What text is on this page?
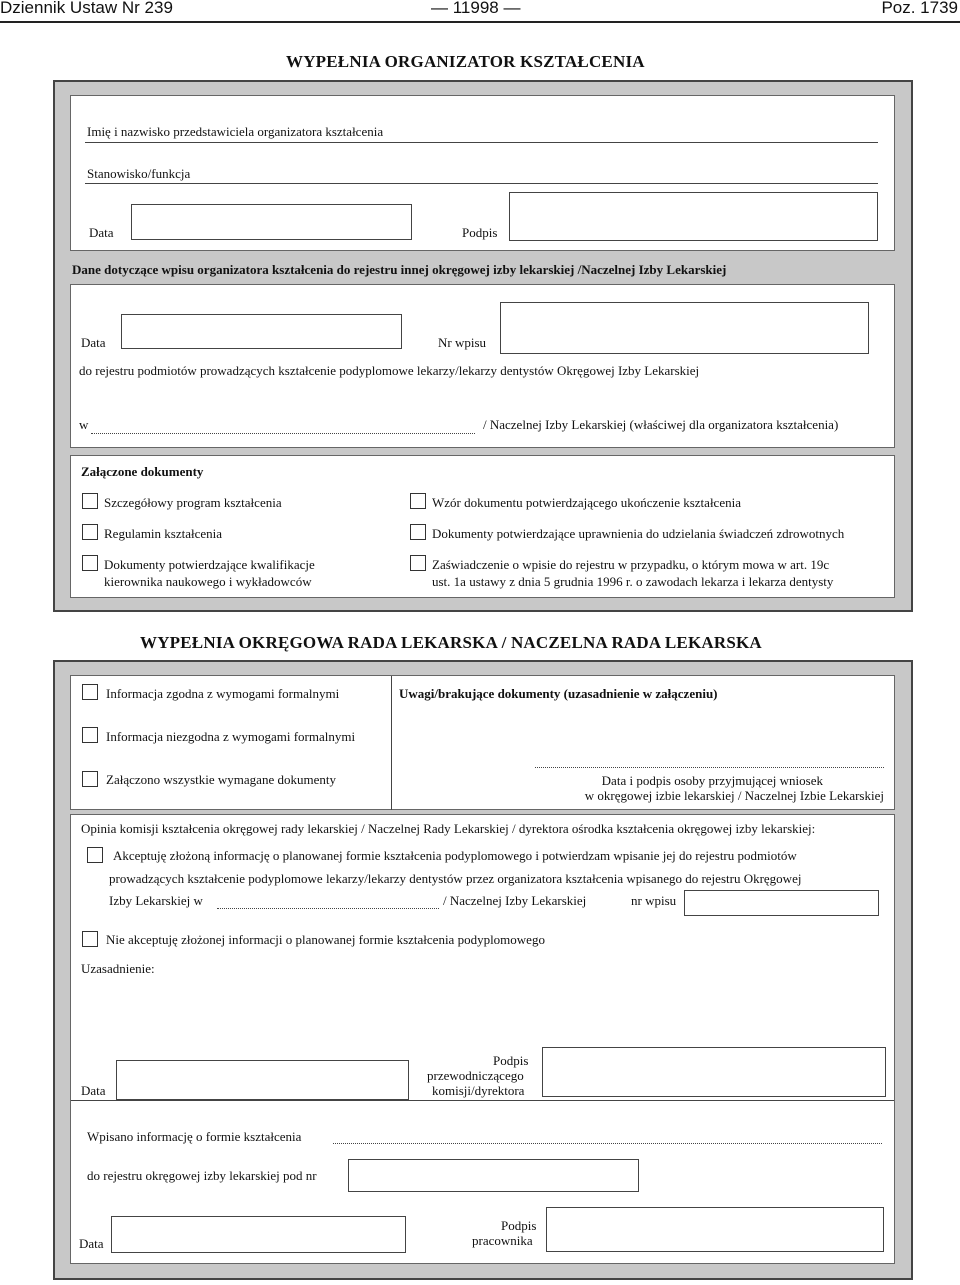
Dziennik Ustaw Nr 239	— 11998 —	Poz. 1739
WYPEŁNIA ORGANIZATOR KSZTAŁCENIA
Imię i nazwisko przedstawiciela organizatora kształcenia
Stanowisko/funkcja
Data	Podpis
Dane dotyczące wpisu organizatora kształcenia do rejestru innej okręgowej izby lekarskiej /Naczelnej Izby Lekarskiej
Data	Nr wpisu
do rejestru podmiotów prowadzących kształcenie podyplomowe lekarzy/lekarzy dentystów Okręgowej Izby Lekarskiej
w	/ Naczelnej Izby Lekarskiej (właściwej dla organizatora kształcenia)
Załączone dokumenty
Szczegółowy program kształcenia
Regulamin kształcenia
Dokumenty potwierdzające kwalifikacje
kierownika naukowego i wykładowców
Wzór dokumentu potwierdzającego ukończenie kształcenia
Dokumenty potwierdzające uprawnienia do udzielania świadczeń zdrowotnych
Zaświadczenie o wpisie do rejestru w przypadku, o którym mowa w art. 19c
ust. 1a ustawy z dnia 5 grudnia 1996 r. o zawodach lekarza i lekarza dentysty
WYPEŁNIA OKRĘGOWA RADA LEKARSKA / NACZELNA RADA LEKARSKA
Informacja zgodna z wymogami formalnymi
Informacja niezgodna z wymogami formalnymi
Załączono wszystkie wymagane dokumenty
Uwagi/brakujące dokumenty (uzasadnienie w załączeniu)
Data i podpis osoby przyjmującej wniosek
w okręgowej izbie lekarskiej / Naczelnej Izbie Lekarskiej
Opinia komisji kształcenia okręgowej rady lekarskiej / Naczelnej Rady Lekarskiej / dyrektora ośrodka kształcenia okręgowej izby lekarskiej:
Akceptuję złożoną informację o planowanej formie kształcenia podyplomowego i potwierdzam wpisanie jej do rejestru podmiotów
prowadzących kształcenie podyplomowe lekarzy/lekarzy dentystów przez organizatora kształcenia wpisanego do rejestru Okręgowej
Izby Lekarskiej w	/ Naczelnej Izby Lekarskiej	nr wpisu
Nie akceptuję złożonej informacji o planowanej formie kształcenia podyplomowego
Uzasadnienie:
Data
Podpis
przewodniczącego
komisji/dyrektora
Wpisano informację o formie kształcenia
do rejestru okręgowej izby lekarskiej pod nr
Data
Podpis
pracownika
